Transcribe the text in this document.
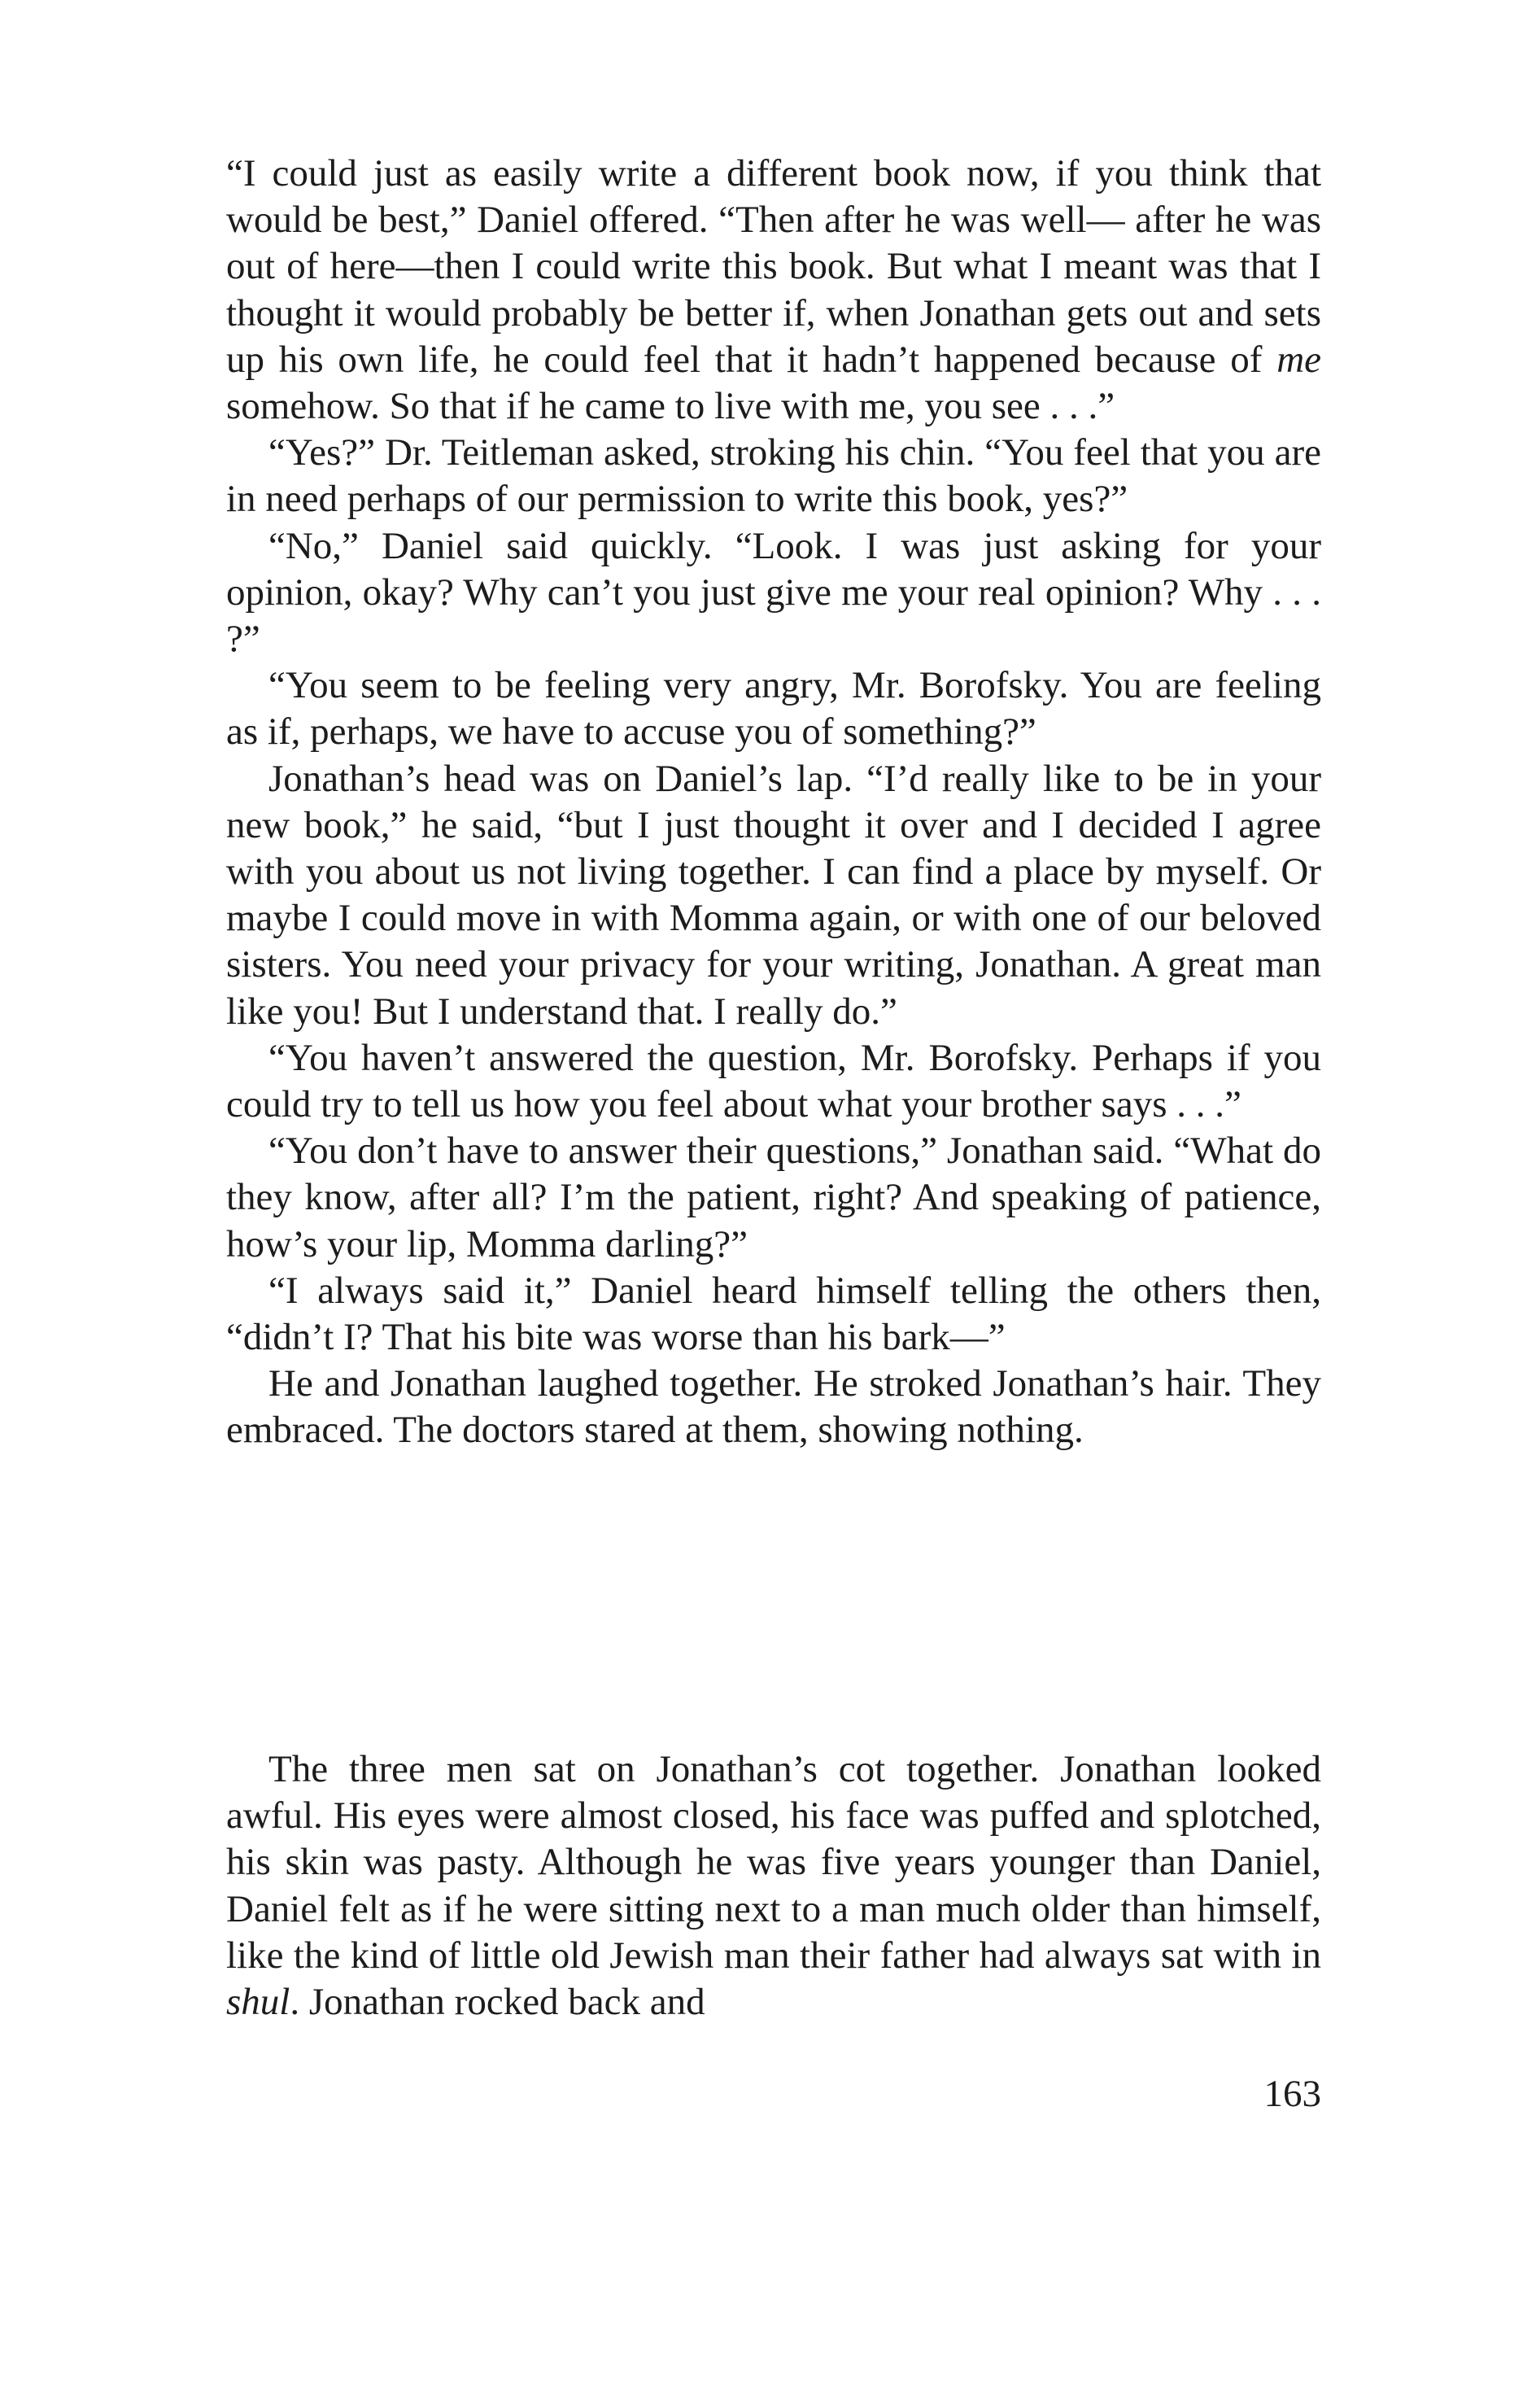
“I could just as easily write a different book now, if you think that would be best,” Daniel offered. “Then after he was well— after he was out of here—then I could write this book. But what I meant was that I thought it would probably be better if, when Jonathan gets out and sets up his own life, he could feel that it hadn’t happened because of me somehow. So that if he came to live with me, you see . . .”

“Yes?” Dr. Teitleman asked, stroking his chin. “You feel that you are in need perhaps of our permission to write this book, yes?”

“No,” Daniel said quickly. “Look. I was just asking for your opinion, okay? Why can’t you just give me your real opinion? Why . . . ?”

“You seem to be feeling very angry, Mr. Borofsky. You are feeling as if, perhaps, we have to accuse you of something?”

Jonathan’s head was on Daniel’s lap. “I’d really like to be in your new book,” he said, “but I just thought it over and I decided I agree with you about us not living together. I can find a place by myself. Or maybe I could move in with Momma again, or with one of our beloved sisters. You need your privacy for your writing, Jonathan. A great man like you! But I understand that. I really do.”

“You haven’t answered the question, Mr. Borofsky. Perhaps if you could try to tell us how you feel about what your brother says . . .”

“You don’t have to answer their questions,” Jonathan said. “What do they know, after all? I’m the patient, right? And speaking of patience, how’s your lip, Momma darling?”

“I always said it,” Daniel heard himself telling the others then, “didn’t I? That his bite was worse than his bark—”

He and Jonathan laughed together. He stroked Jonathan’s hair. They embraced. The doctors stared at them, showing nothing.

The three men sat on Jonathan’s cot together. Jonathan looked awful. His eyes were almost closed, his face was puffed and splotched, his skin was pasty. Although he was five years younger than Daniel, Daniel felt as if he were sitting next to a man much older than himself, like the kind of little old Jewish man their father had always sat with in shul. Jonathan rocked back and

163
